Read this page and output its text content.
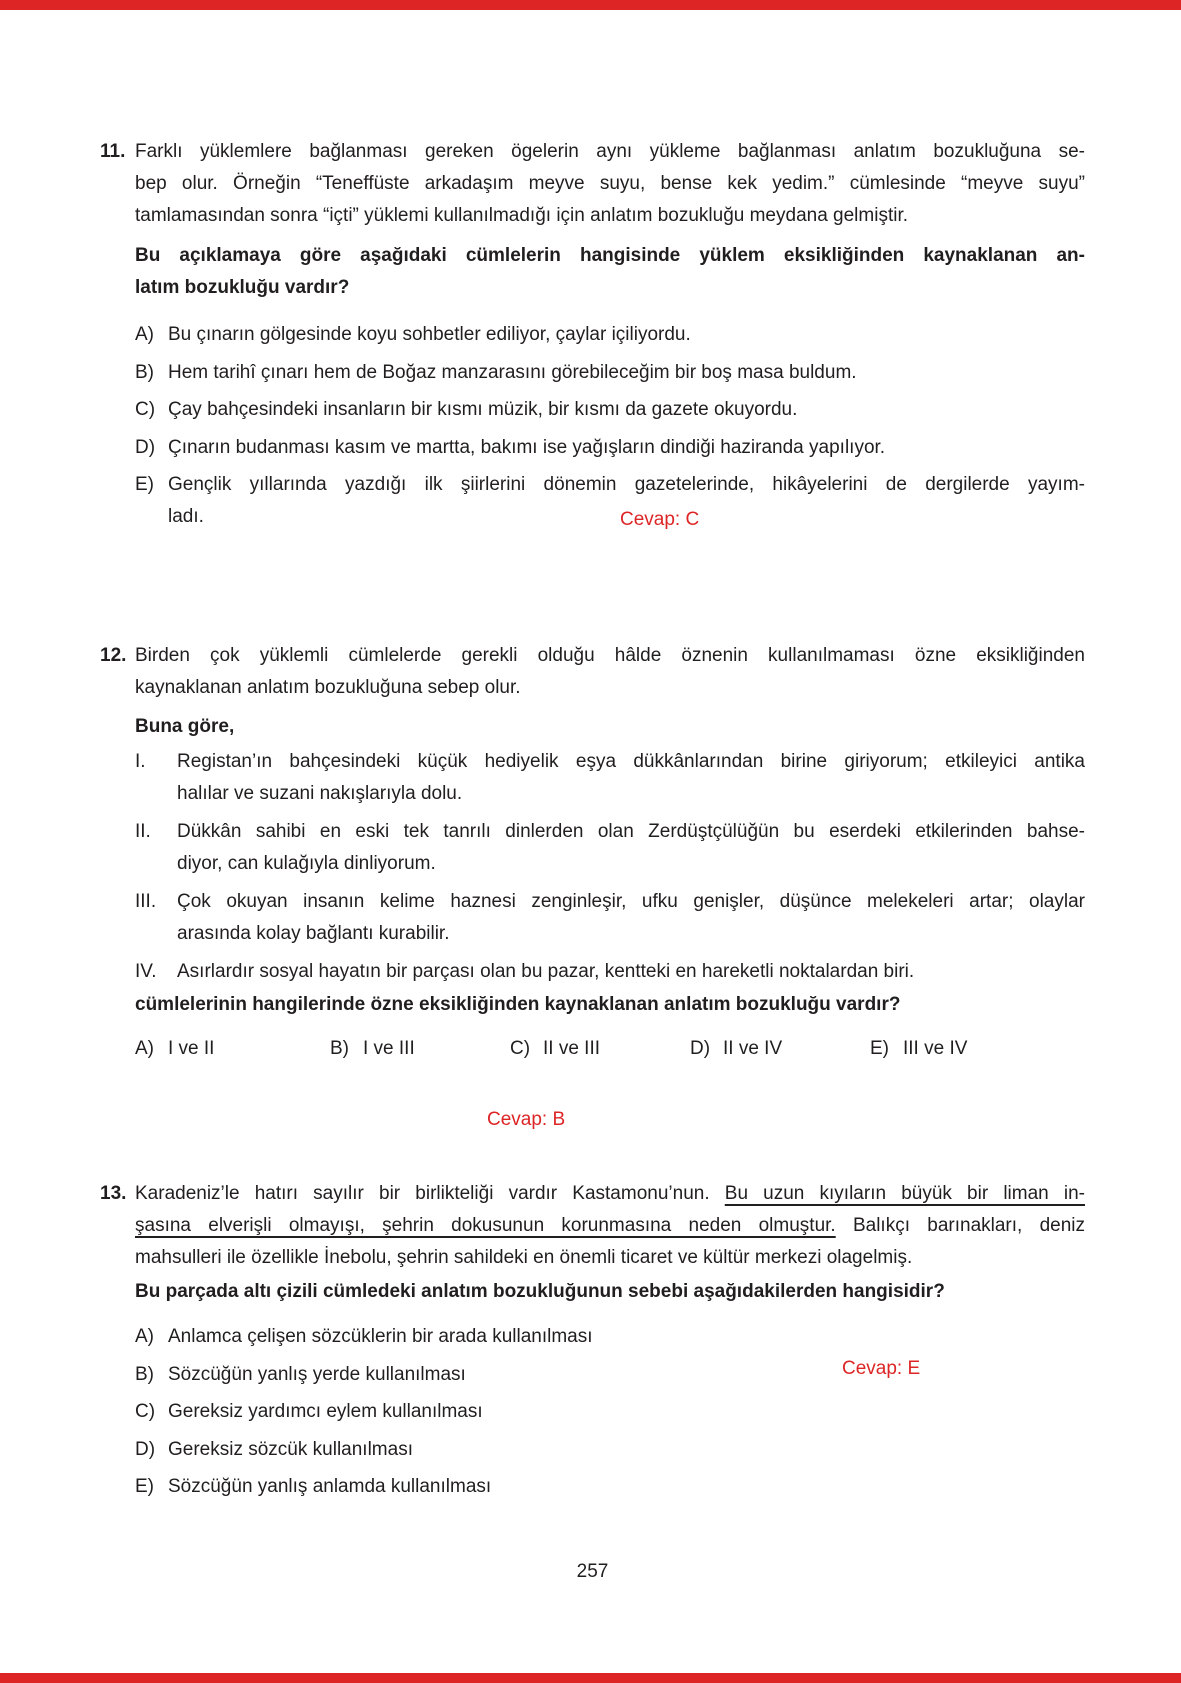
11. Farklı yüklemlere bağlanması gereken ögelerin aynı yükleme bağlanması anlatım bozukluğuna se-

bep olur. Örneğin “Teneffüste arkadaşım meyve suyu, bense kek yedim.” cümlesinde “meyve suyu”

tamlamasından sonra “içti” yüklemi kullanılmadığı için anlatım bozukluğu meydana gelmiştir.

Bu açıklamaya göre aşağıdaki cümlelerin hangisinde yüklem eksikliğinden kaynaklanan an-

latım bozukluğu vardır?

A) Bu çınarın gölgesinde koyu sohbetler ediliyor, çaylar içiliyordu.
B) Hem tarihî çınarı hem de Boğaz manzarasını görebileceğim bir boş masa buldum.
C) Çay bahçesindeki insanların bir kısmı müzik, bir kısmı da gazete okuyordu.
D) Çınarın budanması kasım ve martta, bakımı ise yağışların dindiği haziranda yapılıyor.
E) Gençlik yıllarında yazdığı ilk şiirlerini dönemin gazetelerinde, hikâyelerini de dergilerde yayım-

ladı.	Cevap: C
12. Birden çok yüklemli cümlelerde gerekli olduğu hâlde öznenin kullanılmaması özne eksikliğinden

kaynaklanan anlatım bozukluğuna sebep olur.

Buna göre,

I.	Registan’ın bahçesindeki küçük hediyelik eşya dükkânlarından birine giriyorum; etkileyici antika
halılar ve suzani nakışlarıyla dolu.
II.	Dükkân sahibi en eski tek tanrılı dinlerden olan Zerdüştçülüğün bu eserdeki etkilerinden bahse-
diyor, can kulağıyla dinliyorum.
III.	Çok okuyan insanın kelime haznesi zenginleşir, ufku genişler, düşünce melekeleri artar; olaylar
arasında kolay bağlantı kurabilir.
IV.	Asırlardır sosyal hayatın bir parçası olan bu pazar, kentteki en hareketli noktalardan biri.

cümlelerinin hangilerinde özne eksikliğinden kaynaklanan anlatım bozukluğu vardır?

A) I ve II	B) I ve III	C) II ve III	D) II ve IV	E) III ve IV
Cevap: B
13. Karadeniz’le hatırı sayılır bir birlikteliği vardır Kastamonu’nun. Bu uzun kıyıların büyük bir liman in-

şasına elverişli olmayışı, şehrin dokusunun korunmasına neden olmuştur. Balıkçı barınakları, deniz

mahsulleri ile özellikle İnebolu, şehrin sahildeki en önemli ticaret ve kültür merkezi olagelmiş.

Bu parçada altı çizili cümledeki anlatım bozukluğunun sebebi aşağıdakilerden hangisidir?

A) Anlamca çelişen sözcüklerin bir arada kullanılması
B) Sözcüğün yanlış yerde kullanılması
C) Gereksiz yardımcı eylem kullanılması
D) Gereksiz sözcük kullanılması
E) Sözcüğün yanlış anlamda kullanılması
Cevap: E
257
